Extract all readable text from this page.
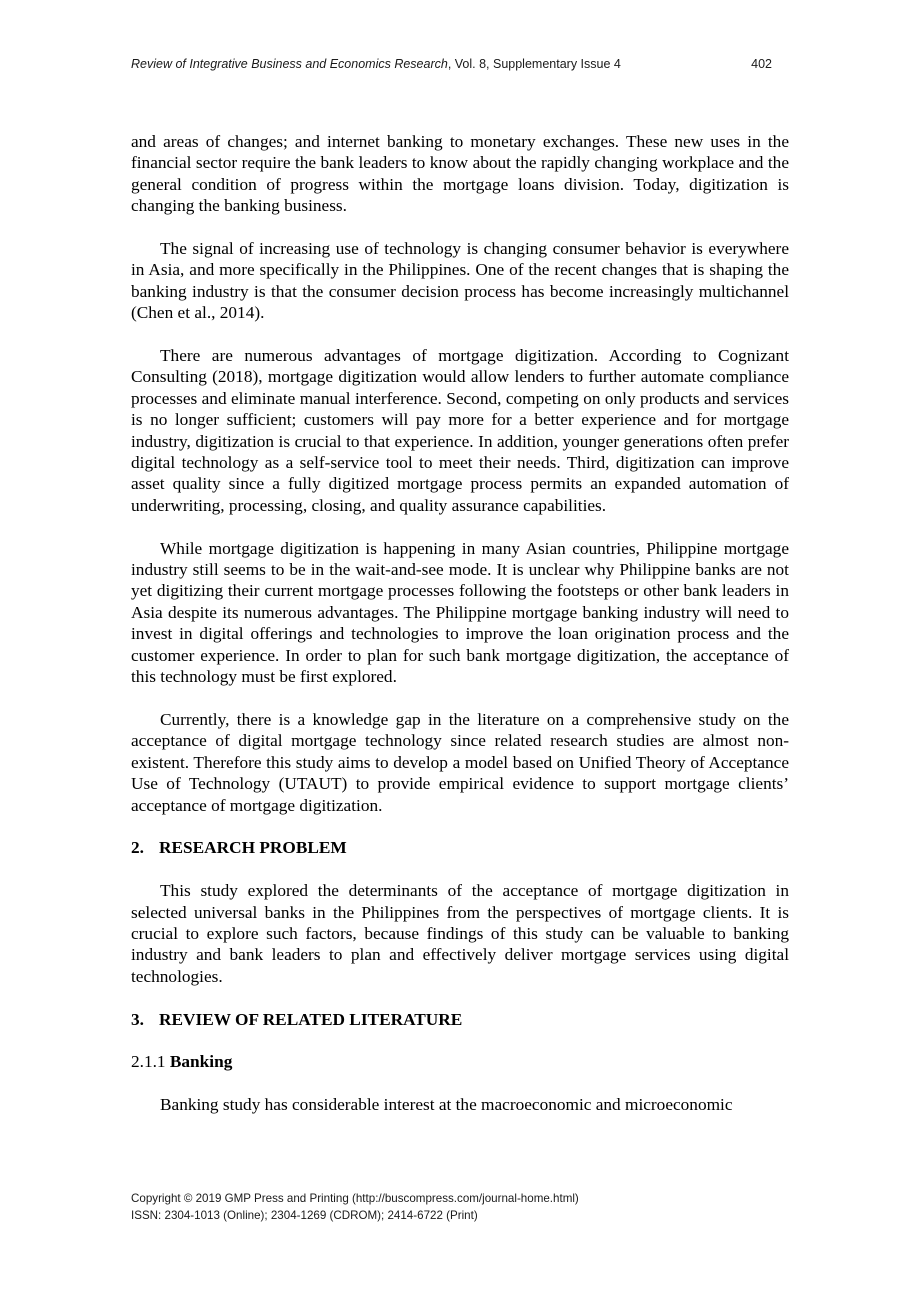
Review of Integrative Business and Economics Research, Vol. 8, Supplementary Issue 4	402

and areas of changes; and internet banking to monetary exchanges. These new uses in the financial sector require the bank leaders to know about the rapidly changing workplace and the general condition of progress within the mortgage loans division. Today, digitization is changing the banking business.

The signal of increasing use of technology is changing consumer behavior is everywhere in Asia, and more specifically in the Philippines. One of the recent changes that is shaping the banking industry is that the consumer decision process has become increasingly multichannel (Chen et al., 2014).

There are numerous advantages of mortgage digitization. According to Cognizant Consulting (2018), mortgage digitization would allow lenders to further automate compliance processes and eliminate manual interference. Second, competing on only products and services is no longer sufficient; customers will pay more for a better experience and for mortgage industry, digitization is crucial to that experience. In addition, younger generations often prefer digital technology as a self-service tool to meet their needs. Third, digitization can improve asset quality since a fully digitized mortgage process permits an expanded automation of underwriting, processing, closing, and quality assurance capabilities.

While mortgage digitization is happening in many Asian countries, Philippine mortgage industry still seems to be in the wait-and-see mode. It is unclear why Philippine banks are not yet digitizing their current mortgage processes following the footsteps or other bank leaders in Asia despite its numerous advantages. The Philippine mortgage banking industry will need to invest in digital offerings and technologies to improve the loan origination process and the customer experience. In order to plan for such bank mortgage digitization, the acceptance of this technology must be first explored.

Currently, there is a knowledge gap in the literature on a comprehensive study on the acceptance of digital mortgage technology since related research studies are almost non-existent. Therefore this study aims to develop a model based on Unified Theory of Acceptance Use of Technology (UTAUT) to provide empirical evidence to support mortgage clients’ acceptance of mortgage digitization.

2. RESEARCH PROBLEM

This study explored the determinants of the acceptance of mortgage digitization in selected universal banks in the Philippines from the perspectives of mortgage clients. It is crucial to explore such factors, because findings of this study can be valuable to banking industry and bank leaders to plan and effectively deliver mortgage services using digital technologies.

3. REVIEW OF RELATED LITERATURE
2.1.1 Banking

Banking study has considerable interest at the macroeconomic and microeconomic

Copyright © 2019 GMP Press and Printing (http://buscompress.com/journal-home.html)
ISSN: 2304-1013 (Online); 2304-1269 (CDROM); 2414-6722 (Print)
